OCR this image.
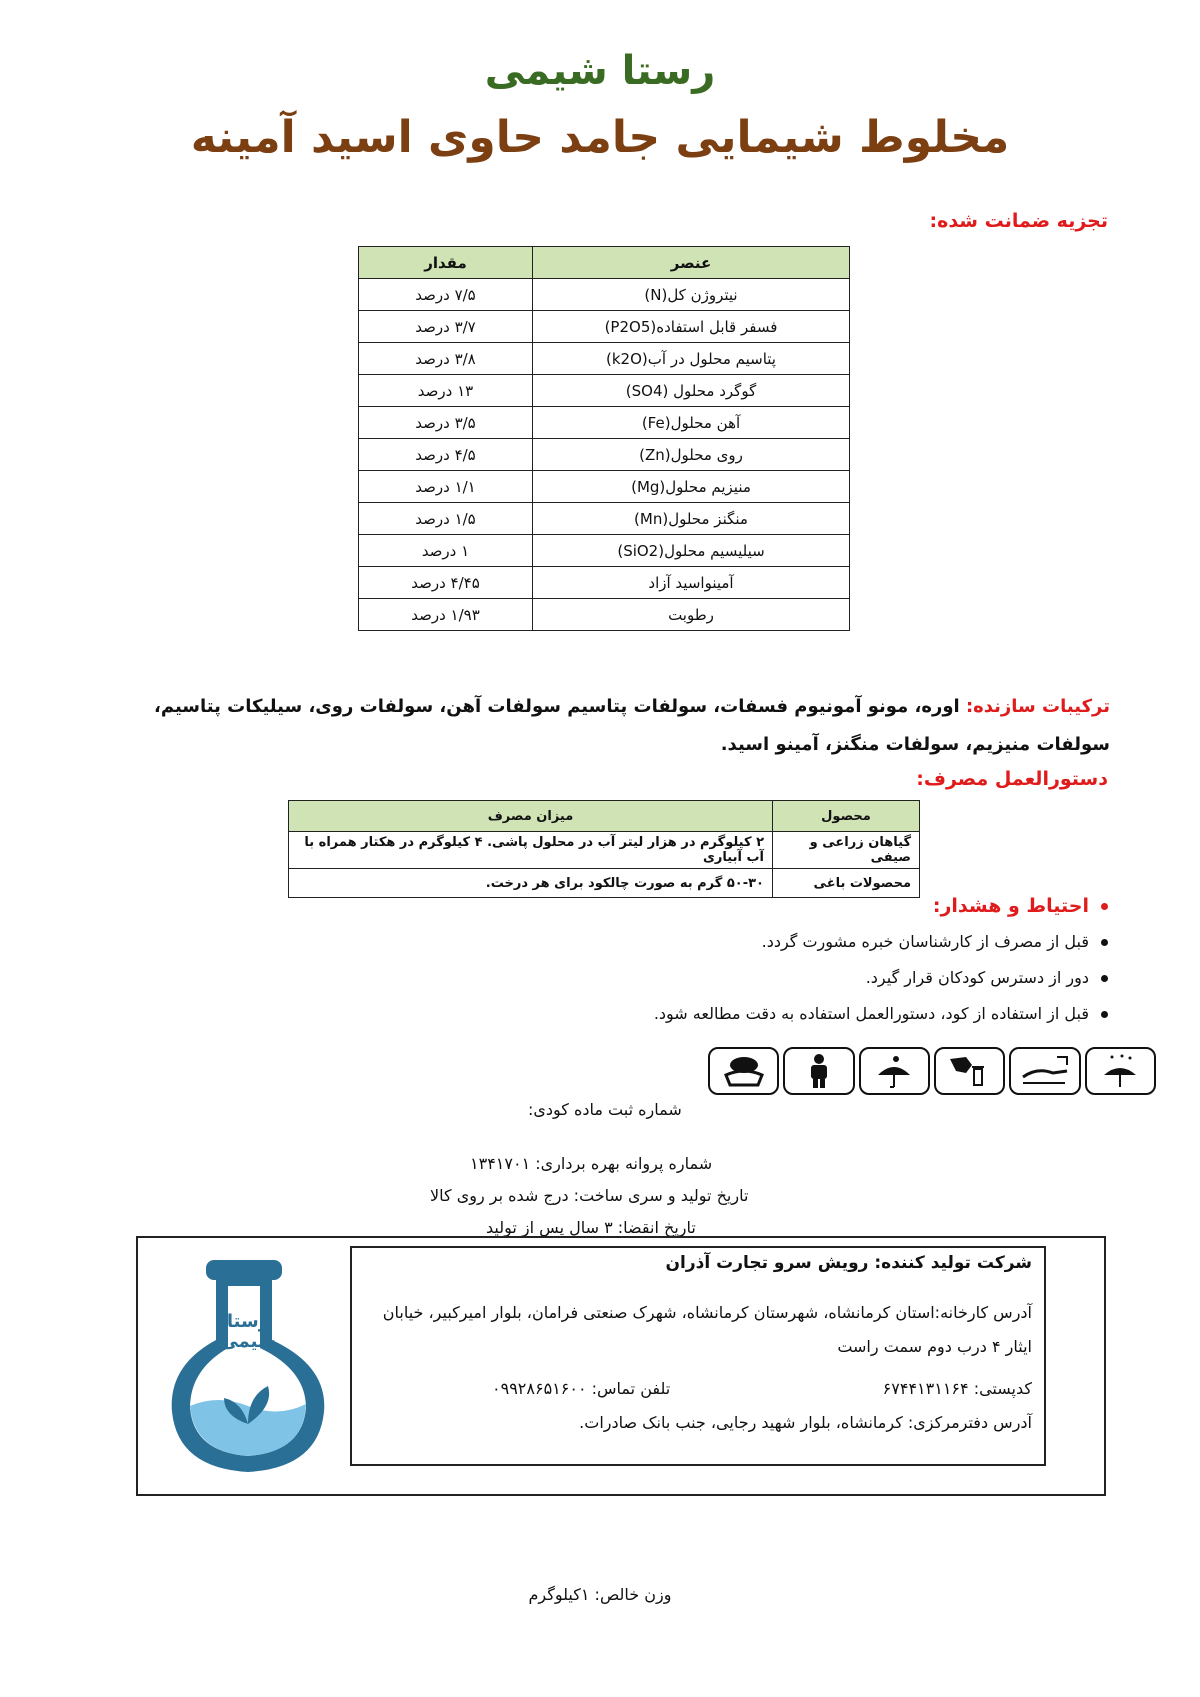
رستا شیمی
مخلوط شیمایی جامد حاوی اسید آمینه
تجزیه ضمانت شده:
عنصر	مقدار
نیتروژن کل(N)	۷/۵ درصد
فسفر قابل استفاده(P2O5)	۳/۷ درصد
پتاسیم محلول در آب(k2O)	۳/۸ درصد
گوگرد محلول (SO4)	۱۳ درصد
آهن محلول(Fe)	۳/۵ درصد
روی محلول(Zn)	۴/۵ درصد
منیزیم محلول(Mg)	۱/۱ درصد
منگنز محلول(Mn)	۱/۵ درصد
سیلیسیم محلول(SiO2)	۱ درصد
آمینواسید آزاد	۴/۴۵ درصد
رطوبت	۱/۹۳ درصد
ترکیبات سازنده: اوره، مونو آمونیوم فسفات، سولفات پتاسیم سولفات آهن، سولفات روی، سیلیکات پتاسیم، سولفات منیزیم، سولفات منگنز، آمینو اسید.
دستورالعمل مصرف:
محصول	میزان مصرف
گیاهان زراعی و صیفی	۲ کیلوگرم در هزار لیتر آب در محلول پاشی. ۴ کیلوگرم در هکتار همراه با آب آبیاری
محصولات باغی	۵۰-۳۰ گرم به صورت چالکود برای هر درخت.
احتیاط و هشدار:
قبل از مصرف از کارشناسان خبره مشورت گردد.
دور از دسترس کودکان قرار گیرد.
قبل از استفاده از کود، دستورالعمل استفاده به دقت مطالعه شود.
شماره ثبت ماده کودی:
شماره پروانه بهره برداری: ۱۳۴۱۷۰۱
تاریخ تولید و سری ساخت: درج شده بر روی کالا
تاریخ انقضا: ۳ سال پس از تولید
رستا شیمی
شرکت تولید کننده: رویش سرو تجارت آذران
آدرس کارخانه:استان کرمانشاه، شهرستان کرمانشاه، شهرک صنعتی فرامان، بلوار امیرکبیر، خیابان ایثار ۴ درب دوم سمت راست
کدپستی: ۶۷۴۴۱۳۱۱۶۴
تلفن تماس: ۰۹۹۲۸۶۵۱۶۰۰
آدرس دفترمرکزی: کرمانشاه، بلوار شهید رجایی، جنب بانک صادرات.
وزن خالص: ۱کیلوگرم
